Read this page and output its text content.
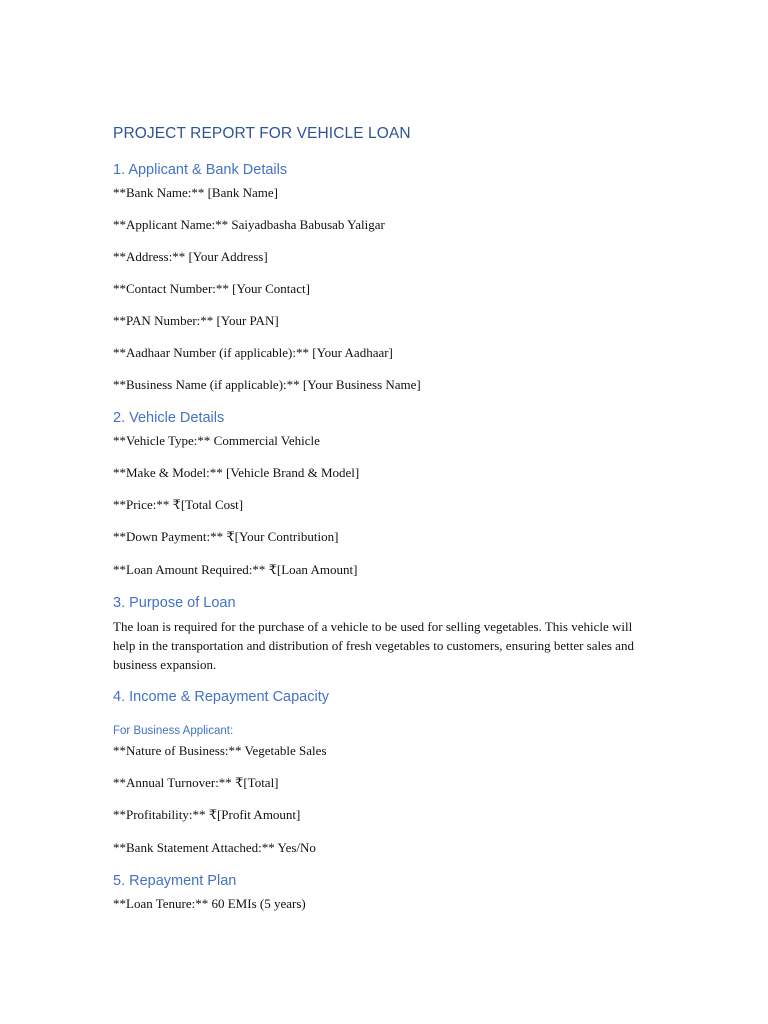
PROJECT REPORT FOR VEHICLE LOAN
1. Applicant & Bank Details

**Bank Name:** [Bank Name]

**Applicant Name:** Saiyadbasha Babusab Yaligar

**Address:** [Your Address]

**Contact Number:** [Your Contact]

**PAN Number:** [Your PAN]

**Aadhaar Number (if applicable):** [Your Aadhaar]

**Business Name (if applicable):** [Your Business Name]

2. Vehicle Details

**Vehicle Type:** Commercial Vehicle

**Make & Model:** [Vehicle Brand & Model]

**Price:** ₹[Total Cost]

**Down Payment:** ₹[Your Contribution]

**Loan Amount Required:** ₹[Loan Amount]

3. Purpose of Loan

The loan is required for the purchase of a vehicle to be used for selling vegetables. This vehicle will help in the transportation and distribution of fresh vegetables to customers, ensuring better sales and business expansion.

4. Income & Repayment Capacity
For Business Applicant:

**Nature of Business:** Vegetable Sales

**Annual Turnover:** ₹[Total]

**Profitability:** ₹[Profit Amount]

**Bank Statement Attached:** Yes/No

5. Repayment Plan

**Loan Tenure:** 60 EMIs (5 years)
